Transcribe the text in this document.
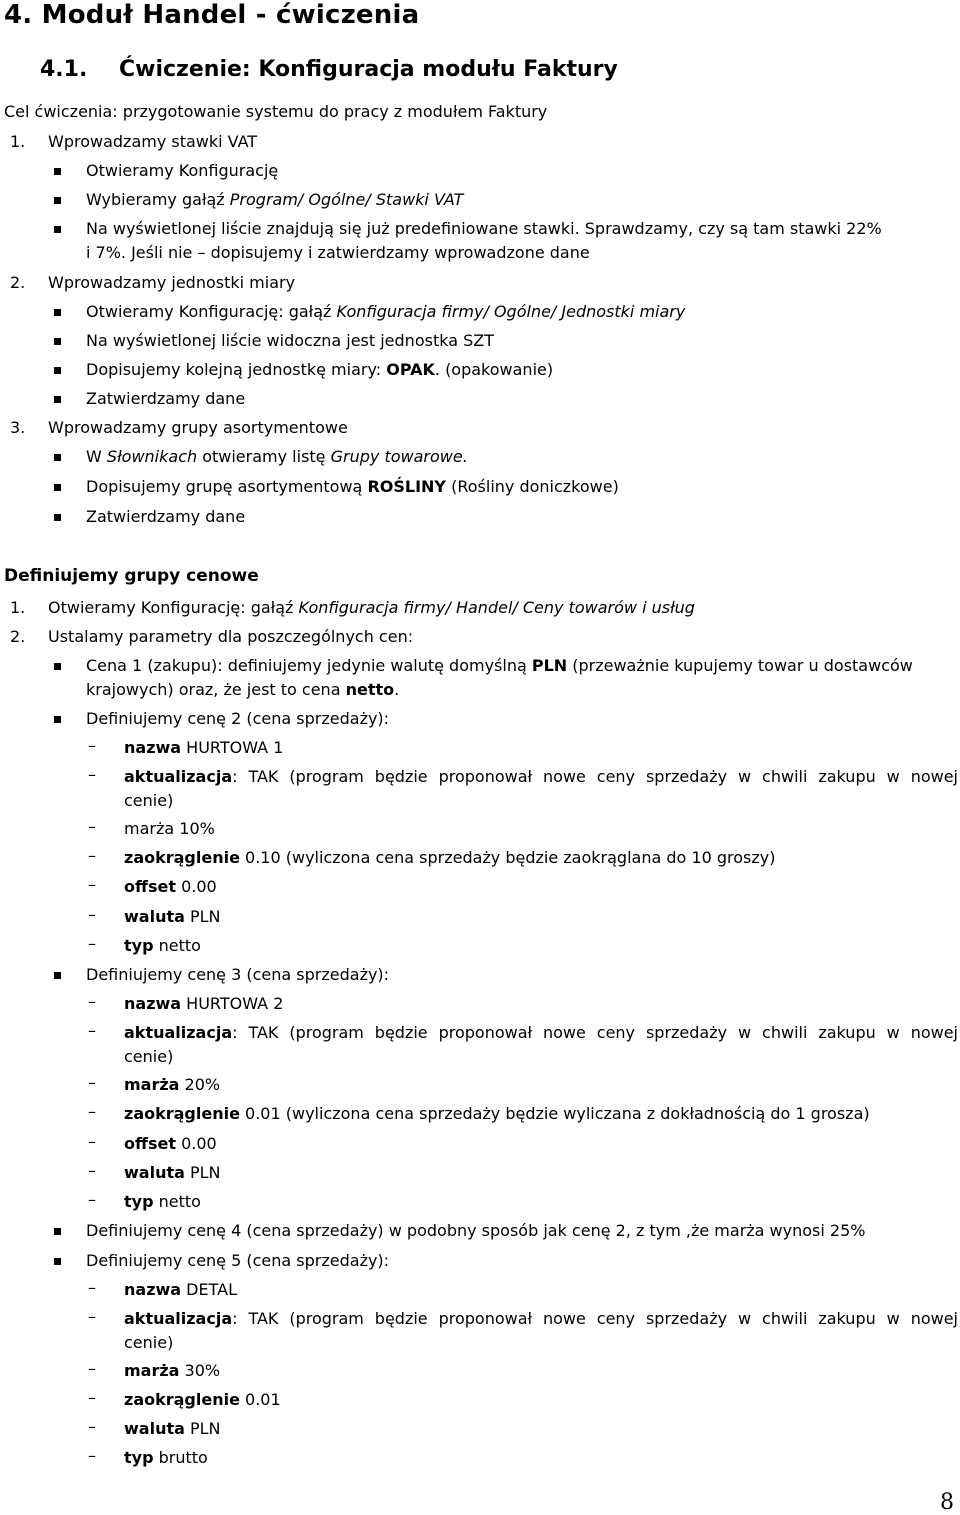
4. Moduł Handel - ćwiczenia
4.1. Ćwiczenie: Konfiguracja modułu Faktury
Cel ćwiczenia: przygotowanie systemu do pracy z modułem Faktury
1. Wprowadzamy stawki VAT
Otwieramy Konfigurację
Wybieramy gałąź Program/ Ogólne/ Stawki VAT
Na wyświetlonej liście znajdują się już predefiniowane stawki. Sprawdzamy, czy są tam stawki 22%
i 7%. Jeśli nie – dopisujemy i zatwierdzamy wprowadzone dane
2. Wprowadzamy jednostki miary
Otwieramy Konfigurację: gałąź Konfiguracja firmy/ Ogólne/ Jednostki miary
Na wyświetlonej liście widoczna jest jednostka SZT
Dopisujemy kolejną jednostkę miary: OPAK. (opakowanie)
Zatwierdzamy dane
3. Wprowadzamy grupy asortymentowe
W Słownikach otwieramy listę Grupy towarowe.
Dopisujemy grupę asortymentową ROŚLINY (Rośliny doniczkowe)
Zatwierdzamy dane
Definiujemy grupy cenowe
1. Otwieramy Konfigurację: gałąź Konfiguracja firmy/ Handel/ Ceny towarów i usług
2. Ustalamy parametry dla poszczególnych cen:
Cena 1 (zakupu): definiujemy jedynie walutę domyślną PLN (przeważnie kupujemy towar u dostawców
krajowych) oraz, że jest to cena netto.
Definiujemy cenę 2 (cena sprzedaży):
– nazwa HURTOWA 1
– aktualizacja: TAK (program będzie proponował nowe ceny sprzedaży w chwili zakupu w nowej
cenie)
– marża 10%
– zaokrąglenie 0.10 (wyliczona cena sprzedaży będzie zaokrąglana do 10 groszy)
– offset 0.00
– waluta PLN
– typ netto
Definiujemy cenę 3 (cena sprzedaży):
– nazwa HURTOWA 2
– aktualizacja: TAK (program będzie proponował nowe ceny sprzedaży w chwili zakupu w nowej
cenie)
– marża 20%
– zaokrąglenie 0.01 (wyliczona cena sprzedaży będzie wyliczana z dokładnością do 1 grosza)
– offset 0.00
– waluta PLN
– typ netto
Definiujemy cenę 4 (cena sprzedaży) w podobny sposób jak cenę 2, z tym ,że marża wynosi 25%
Definiujemy cenę 5 (cena sprzedaży):
– nazwa DETAL
– aktualizacja: TAK (program będzie proponował nowe ceny sprzedaży w chwili zakupu w nowej
cenie)
– marża 30%
– zaokrąglenie 0.01
– waluta PLN
– typ brutto
8
